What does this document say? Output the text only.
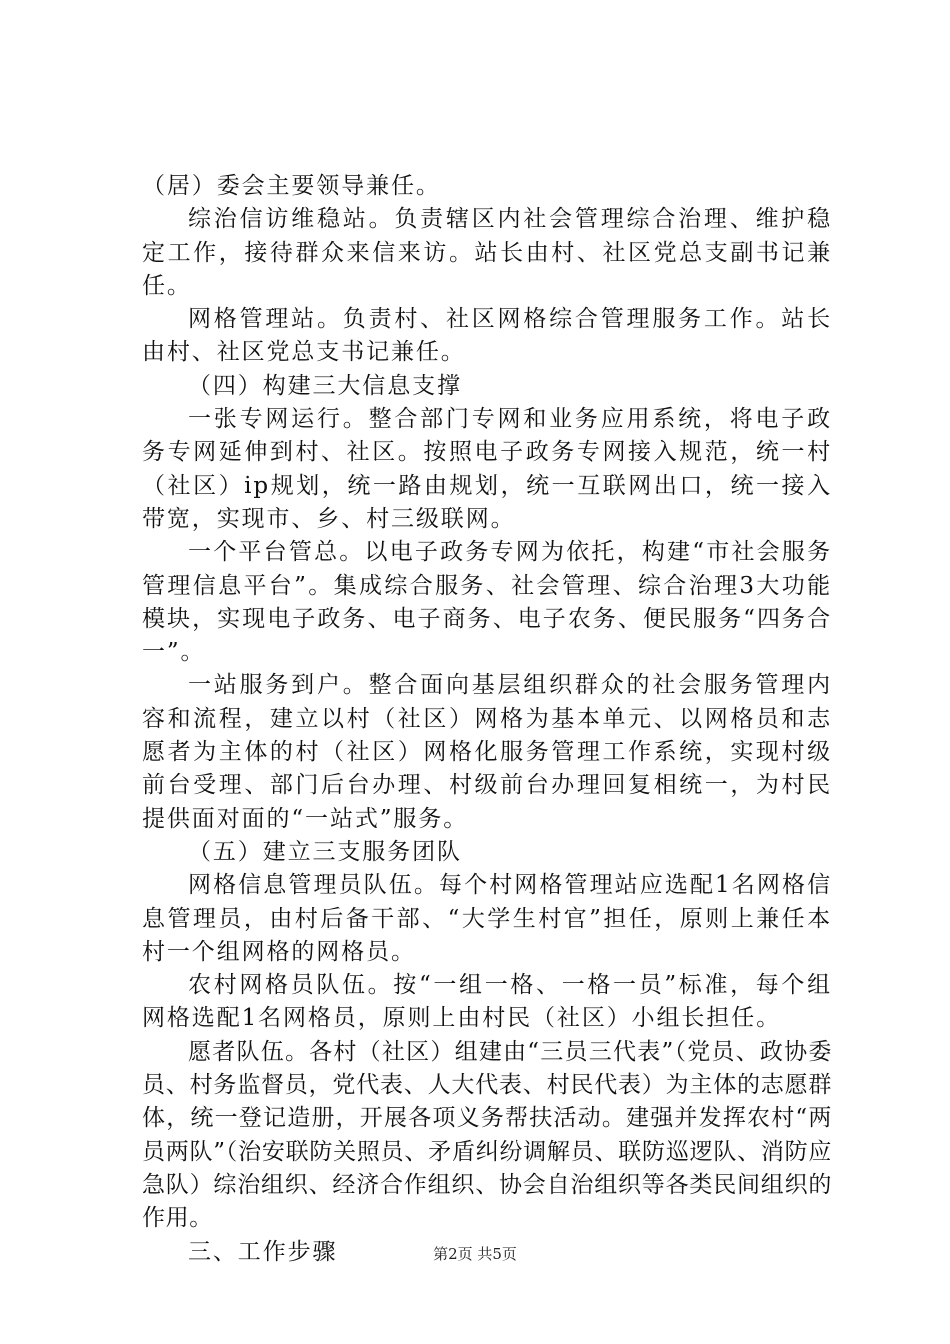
（居）委会主要领导兼任。

综治信访维稳站。负责辖区内社会管理综合治理、维护稳定工作，接待群众来信来访。站长由村、社区党总支副书记兼任。

网格管理站。负责村、社区网格综合管理服务工作。站长由村、社区党总支书记兼任。

（四）构建三大信息支撑

一张专网运行。整合部门专网和业务应用系统，将电子政务专网延伸到村、社区。按照电子政务专网接入规范，统一村（社区）ip规划，统一路由规划，统一互联网出口，统一接入带宽，实现市、乡、村三级联网。

一个平台管总。以电子政务专网为依托，构建“市社会服务管理信息平台”。集成综合服务、社会管理、综合治理3大功能模块，实现电子政务、电子商务、电子农务、便民服务“四务合一”。

一站服务到户。整合面向基层组织群众的社会服务管理内容和流程，建立以村（社区）网格为基本单元、以网格员和志愿者为主体的村（社区）网格化服务管理工作系统，实现村级前台受理、部门后台办理、村级前台办理回复相统一，为村民提供面对面的“一站式”服务。

（五）建立三支服务团队

网格信息管理员队伍。每个村网格管理站应选配1名网格信息管理员，由村后备干部、“大学生村官”担任，原则上兼任本村一个组网格的网格员。

农村网格员队伍。按“一组一格、一格一员”标准，每个组网格选配1名网格员，原则上由村民（社区）小组长担任。

愿者队伍。各村（社区）组建由“三员三代表”（党员、政协委员、村务监督员，党代表、人大代表、村民代表）为主体的志愿群体，统一登记造册，开展各项义务帮扶活动。建强并发挥农村“两员两队”（治安联防关照员、矛盾纠纷调解员、联防巡逻队、消防应急队）综治组织、经济合作组织、协会自治组织等各类民间组织的作用。

三、工作步骤	第2页 共5页
